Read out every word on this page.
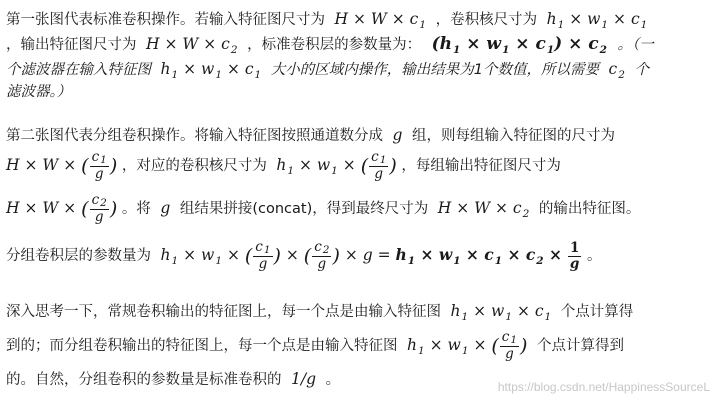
第一张图代表标准卷积操作。若输入特征图尺寸为  $H \times W \times c_1$ ，卷积核尺寸为  $h_1 \times w_1 \times c_1$
，输出特征图尺寸为  $H \times W \times c_2$ ，标准卷积层的参数量为：  $(h_1 \times w_1 \times c_1) \times c_2$ 。（一
个滤波器在输入特征图  $h_1 \times w_1 \times c_1$ 大小的区域内操作，输出结果为1个数值，所以需要  $c_2$ 个
滤波器。）
第二张图代表分组卷积操作。将输入特征图按照通道数分成  g  组，则每组输入特征图的尺寸为
H × W × ( $\frac{c1}{g}$ ) ，对应的卷积核尺寸为  $h_1 \times w_1$ × ( $\frac{c1}{g}$ ) ，每组输出特征图尺寸为
H × W × ( $\frac{c2}{g}$ ) 。将  g  组结果拼接(concat)，得到最终尺寸为  $H \times W \times c_2$ 的输出特征图。
分组卷积层的参数量为  $h_1 \times w_1$ × ( $\frac{c1}{g}$ ) × ( $\frac{c2}{g}$ ) × $g = h_1 \times w_1 \times c_1 \times c_2 \times \frac{1}{g}$ 。
深入思考一下，常规卷积输出的特征图上，每一个点是由输入特征图  $h_1 \times w_1 \times c_1$ 个点计算得
到的；而分组卷积输出的特征图上，每一个点是由输入特征图  $h_1 \times w_1$ × ( $\frac{c1}{g}$ ) 个点计算得到
的。自然，分组卷积的参数量是标准卷积的  1/g  。	https://blog.csdn.net/HappinessSourceL
